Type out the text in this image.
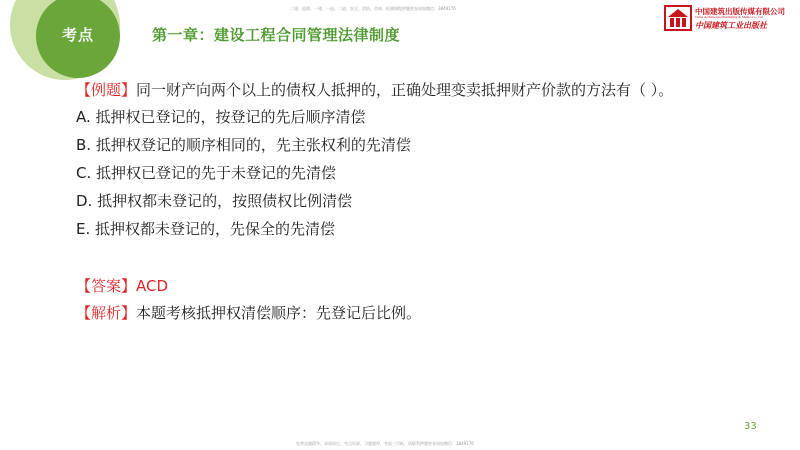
考点	第一章：建设工程合同管理法律制度
二建、监理、一建、一造、二造、安全、消防、咨询、检测课程押题密卷请加微信：3849176	中国建筑出版传媒有限公司
China Architecture Publishing & Media Co., Ltd
中国建筑工业出版社
【例题】同一财产向两个以上的债权人抵押的，正确处理变卖抵押财产价款的方法有（ ）。
A. 抵押权已登记的，按登记的先后顺序清偿
B. 抵押权登记的顺序相同的，先主张权利的先清偿
C. 抵押权已登记的先于未登记的先清偿
D. 抵押权都未登记的，按照债权比例清偿
E. 抵押权都未登记的，先保全的先清偿
【答案】ACD
【解析】本题考核抵押权清偿顺序：先登记后比例。
33
免费直播精华，承诺保过，考点资源，习题题库，考前三页纸，请联系押题密卷请加微信：3849176
